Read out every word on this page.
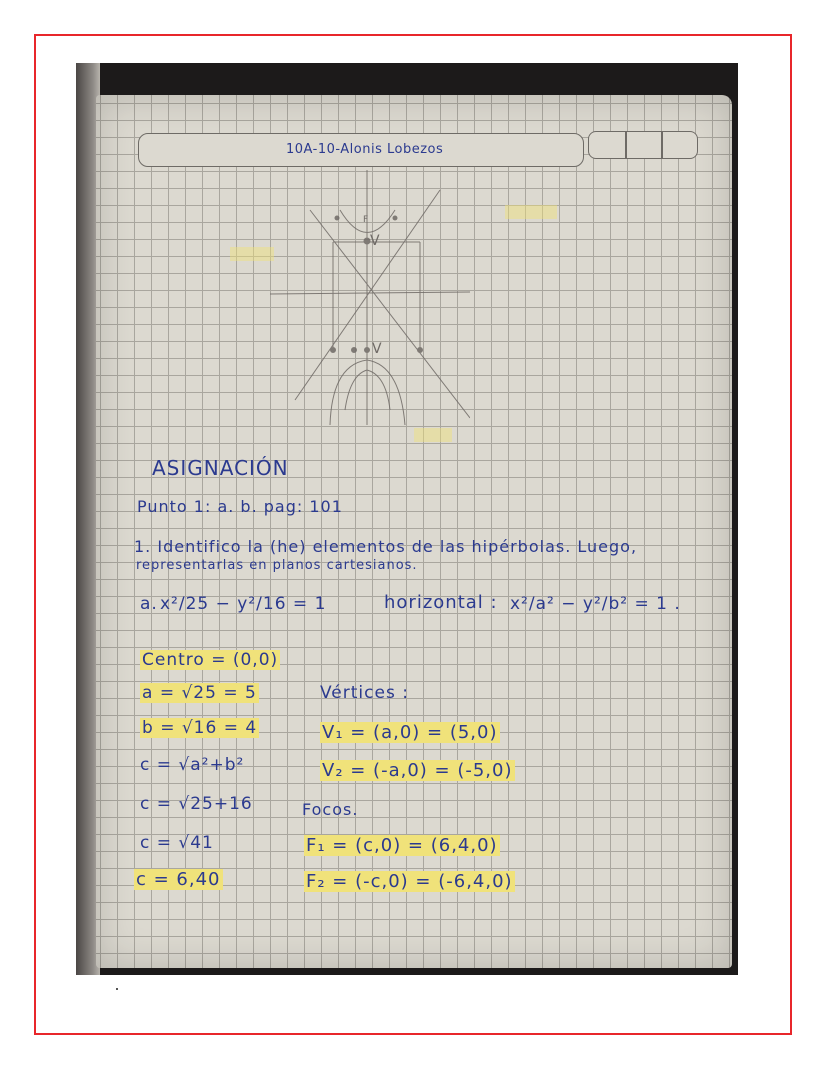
10A-10-Alonis Lobezos
V
V
F
ASIGNACIÓN
Punto 1: a. b. pag: 101
1. Identifico la (he) elementos de las hipérbolas. Luego,
representarlas en planos cartesianos.
a. x²/25 − y²/16 = 1	horizontal : x²/a² − y²/b² = 1 .
Centro = (0,0)
a = √25 = 5
b = √16 = 4
c = √a²+b²
c = √25+16
c = √41
c = 6,40
Vértices :
V₁ = (a,0) = (5,0)
V₂ = (-a,0) = (-5,0)
Focos.
F₁ = (c,0) = (6,4,0)
F₂ = (-c,0) = (-6,4,0)
